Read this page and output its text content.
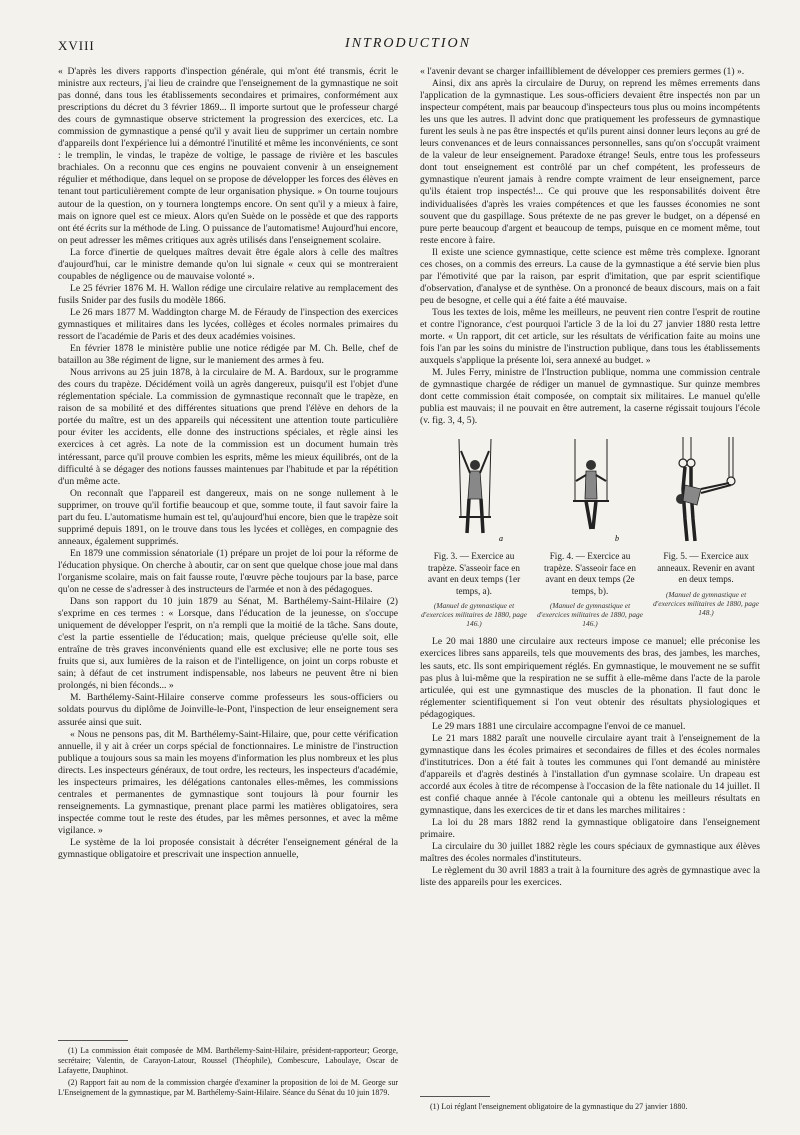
XVIII	INTRODUCTION

« D'après les divers rapports d'inspection générale, qui m'ont été transmis, écrit le ministre aux recteurs, j'ai lieu de craindre que l'enseignement de la gymnastique ne soit pas donné, dans tous les établissements secondaires et primaires, conformément aux prescriptions du décret du 3 février 1869... Il importe surtout que le professeur chargé des cours de gymnastique observe strictement la progression des exercices, etc. La commission de gymnastique a pensé qu'il y avait lieu de supprimer un certain nombre d'appareils dont l'expérience lui a démontré l'inutilité et même les inconvénients, ce sont : le tremplin, le vindas, le trapèze de voltige, le passage de rivière et les bascules brachiales. On a reconnu que ces engins ne pouvaient convenir à un enseignement régulier et méthodique, dans lequel on se propose de développer les forces des élèves en tenant tout particulièrement compte de leur organisation physique. » On tourne toujours autour de la question, on y tournera longtemps encore. On sent qu'il y a mieux à faire, mais on ignore quel est ce mieux. Alors qu'en Suède on le possède et que des rapports ont été écrits sur la méthode de Ling. O puissance de l'automatisme! Aujourd'hui encore, on peut adresser les mêmes critiques aux agrès utilisés dans l'enseignement scolaire.

La force d'inertie de quelques maîtres devait être égale alors à celle des maîtres d'aujourd'hui, car le ministre demande qu'on lui signale « ceux qui se montreraient coupables de négligence ou de mauvaise volonté ».

Le 25 février 1876 M. H. Wallon rédige une circulaire relative au remplacement des fusils Snider par des fusils du modèle 1866.

Le 26 mars 1877 M. Waddington charge M. de Féraudy de l'inspection des exercices gymnastiques et militaires dans les lycées, collèges et écoles normales primaires du ressort de l'académie de Paris et des deux académies voisines.

En février 1878 le ministère publie une notice rédigée par M. Ch. Belle, chef de bataillon au 38e régiment de ligne, sur le maniement des armes à feu.

Nous arrivons au 25 juin 1878, à la circulaire de M. A. Bardoux, sur le programme des cours du trapèze. Décidément voilà un agrès dangereux, puisqu'il est l'objet d'une réglementation spéciale. La commission de gymnastique reconnaît que le trapèze, en raison de sa mobilité et des différentes situations que prend l'élève en dehors de la portée du maître, est un des appareils qui nécessitent une attention toute particulière pour éviter les accidents, elle donne des instructions spéciales, et règle ainsi les exercices à cet agrès. La note de la commission est un document humain très intéressant, parce qu'il prouve combien les esprits, même les mieux équilibrés, ont de la difficulté à se dégager des notions fausses maintenues par l'habitude et par la répétition d'un même acte.

On reconnaît que l'appareil est dangereux, mais on ne songe nullement à le supprimer, on trouve qu'il fortifie beaucoup et que, somme toute, il faut savoir faire la part du feu. L'automatisme humain est tel, qu'aujourd'hui encore, bien que le trapèze soit supprimé depuis 1891, on le trouve dans tous les lycées et collèges, en compagnie des anneaux, également supprimés.

En 1879 une commission sénatoriale (1) prépare un projet de loi pour la réforme de l'éducation physique. On cherche à aboutir, car on sent que quelque chose joue mal dans l'organisme scolaire, mais on fait fausse route, l'œuvre pèche toujours par la base, parce qu'on ne cesse de s'adresser à des instructeurs de l'armée et non à des pédagogues.

Dans son rapport du 10 juin 1879 au Sénat, M. Barthélemy-Saint-Hilaire (2) s'exprime en ces termes : « Lorsque, dans l'éducation de la jeunesse, on s'occupe uniquement de développer l'esprit, on n'a rempli que la moitié de la tâche. Sans doute, c'est la partie essentielle de l'éducation; mais, quelque précieuse qu'elle soit, elle entraîne de très graves inconvénients quand elle est exclusive; elle ne porte tous ses fruits que si, aux lumières de la raison et de l'intelligence, on joint un corps robuste et sain; à défaut de cet instrument indispensable, nos labeurs ne peuvent être ni bien prolongés, ni bien féconds... »

M. Barthélemy-Saint-Hilaire conserve comme professeurs les sous-officiers ou soldats pourvus du diplôme de Joinville-le-Pont, l'inspection de leur enseignement sera assurée ainsi que suit.

« Nous ne pensons pas, dit M. Barthélemy-Saint-Hilaire, que, pour cette vérification annuelle, il y ait à créer un corps spécial de fonctionnaires. Le ministre de l'instruction publique a toujours sous sa main les moyens d'information les plus nombreux et les plus directs. Les inspecteurs généraux, de tout ordre, les recteurs, les inspecteurs d'académie, les inspecteurs primaires, les délégations cantonales elles-mêmes, les commissions centrales et permanentes de gymnastique sont toujours là pour fournir les renseignements. La gymnastique, prenant place parmi les matières obligatoires, sera inspectée comme tout le reste des études, par les mêmes personnes, et avec la même vigilance. »

Le système de la loi proposée consistait à décréter l'enseignement général de la gymnastique obligatoire et prescrivait une inspection annuelle,

(1) La commission était composée de MM. Barthélemy-Saint-Hilaire, président-rapporteur; George, secrétaire; Valentin, de Carayon-Latour, Roussel (Théophile), Combescure, Laboulaye, Oscar de Lafayette, Dauphinot.

(2) Rapport fait au nom de la commission chargée d'examiner la proposition de loi de M. George sur L'Enseignement de la gymnastique, par M. Barthélemy-Saint-Hilaire. Séance du Sénat du 10 juin 1879.

« l'avenir devant se charger infailliblement de développer ces premiers germes (1) ».

Ainsi, dix ans après la circulaire de Duruy, on reprend les mêmes errements dans l'application de la gymnastique. Les sous-officiers devaient être inspectés non par un inspecteur compétent, mais par beaucoup d'inspecteurs tous plus ou moins incompétents les uns que les autres. Il advint donc que pratiquement les professeurs de gymnastique furent les seuls à ne pas être inspectés et qu'ils purent ainsi donner leurs leçons au gré de leurs convenances et de leurs connaissances personnelles, sans qu'on s'occupât vraiment de la valeur de leur enseignement. Paradoxe étrange! Seuls, entre tous les professeurs dont tout enseignement est contrôlé par un chef compétent, les professeurs de gymnastique n'eurent jamais à rendre compte vraiment de leur enseignement, parce qu'ils étaient trop inspectés!... Ce qui prouve que les responsabilités doivent être individualisées d'après les vraies compétences et que les fausses économies ne sont souvent que du gaspillage. Sous prétexte de ne pas grever le budget, on a dépensé en pure perte beaucoup d'argent et beaucoup de temps, puisque en ce moment même, tout reste encore à faire.

Il existe une science gymnastique, cette science est même très complexe. Ignorant ces choses, on a commis des erreurs. La cause de la gymnastique a été servie bien plus par l'émotivité que par la raison, par esprit d'imitation, que par esprit scientifique d'observation, d'analyse et de synthèse. On a prononcé de beaux discours, mais on a fait peu de besogne, et celle qui a été faite a été mauvaise.

Tous les textes de lois, même les meilleurs, ne peuvent rien contre l'esprit de routine et contre l'ignorance, c'est pourquoi l'article 3 de la loi du 27 janvier 1880 resta lettre morte. « Un rapport, dit cet article, sur les résultats de vérification faite au moins une fois l'an par les soins du ministre de l'instruction publique, dans tous les établissements auxquels s'applique la présente loi, sera annexé au budget. »

M. Jules Ferry, ministre de l'Instruction publique, nomma une commission centrale de gymnastique chargée de rédiger un manuel de gymnastique. Sur quinze membres dont cette commission était composée, on comptait six militaires. Le manuel qu'elle publia est mauvais; il ne pouvait en être autrement, la caserne régissait toujours l'école (v. fig. 3, 4, 5).

a
Fig. 3. — Exercice au trapèze. S'asseoir face en avant en deux temps (1er temps, a).
(Manuel de gymnastique et d'exercices militaires de 1880, page 146.)
b
Fig. 4. — Exercice au trapèze. S'asseoir face en avant en deux temps (2e temps, b).
(Manuel de gymnastique et d'exercices militaires de 1880, page 146.)
Fig. 5. — Exercice aux anneaux. Revenir en avant en deux temps.
(Manuel de gymnastique et d'exercices militaires de 1880, page 148.)

Le 20 mai 1880 une circulaire aux recteurs impose ce manuel; elle préconise les exercices libres sans appareils, tels que mouvements des bras, des jambes, les marches, les sauts, etc. Ils sont empiriquement réglés. En gymnastique, le mouvement ne se suffit pas plus à lui-même que la respiration ne se suffit à elle-même dans l'acte de la parole articulée, qui est une gymnastique des muscles de la phonation. Il faut donc le réglementer scientifiquement si l'on veut obtenir des résultats physiologiques et pédagogiques.

Le 29 mars 1881 une circulaire accompagne l'envoi de ce manuel.

Le 21 mars 1882 paraît une nouvelle circulaire ayant trait à l'enseignement de la gymnastique dans les écoles primaires et secondaires de filles et des écoles normales d'institutrices. Don a été fait à toutes les communes qui l'ont demandé au ministère d'appareils et d'agrès destinés à l'installation d'un gymnase scolaire. Un drapeau est accordé aux écoles à titre de récompense à l'occasion de la fête nationale du 14 juillet. Il est confié chaque année à l'école cantonale qui a obtenu les meilleurs résultats en gymnastique, dans les exercices de tir et dans les marches militaires :

La loi du 28 mars 1882 rend la gymnastique obligatoire dans l'enseignement primaire.

La circulaire du 30 juillet 1882 règle les cours spéciaux de gymnastique aux élèves maîtres des écoles normales d'instituteurs.

Le règlement du 30 avril 1883 a trait à la fourniture des agrès de gymnastique avec la liste des appareils pour les exercices.

(1) Loi réglant l'enseignement obligatoire de la gymnastique du 27 janvier 1880.
